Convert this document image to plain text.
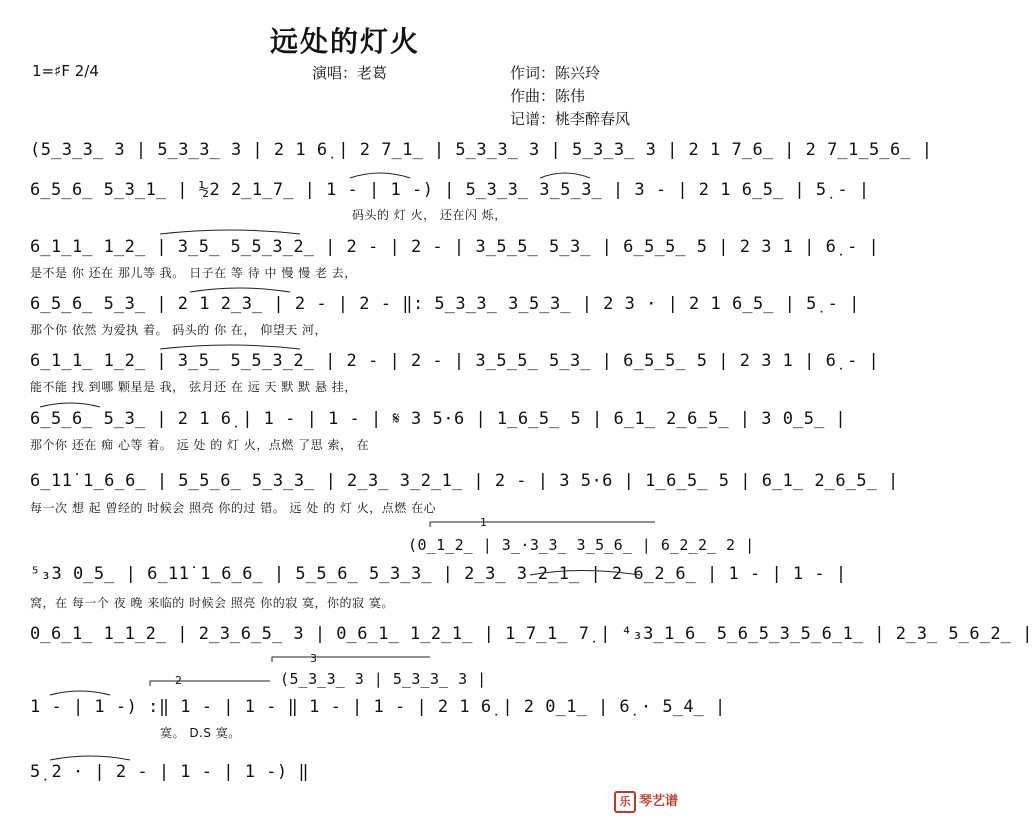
远处的灯火
1=♯F 2/4	演唱：老葛	作词：陈兴玲
作曲：陈伟
记谱：桃李醉春风
(5̲3̲3̲ 3 | 5̲3̲3̲ 3 | 2 1 6̣ | 2 7̲1̲ | 5̲3̲3̲ 3 | 5̲3̲3̲ 3 | 2 1 7̲6̲ | 2 7̲1̲5̲6̲ |
6̲5̲6̲ 5̲3̲1̲ | ½2 2̲1̲7̲ | 1 - | 1 -) | 5̲3̲3̲ 3̲5̲3̲ | 3 - | 2 1 6̲5̲ | 5̣ - |
码头的 灯 火， 还在闪 烁，
6̲1̲1̲ 1̲2̲ | 3̲5̲ 5̲5̲3̲2̲ | 2 - | 2 - | 3̲5̲5̲ 5̲3̲ | 6̲5̲5̲ 5 | 2 3 1 | 6̣ - |
是不是 你 还在 那儿等 我。 日子在 等 待 中 慢 慢 老 去，
6̲5̲6̲ 5̲3̲ | 2 1 2̲3̲ | 2 - | 2 - ‖: 5̲3̲3̲ 3̲5̲3̲ | 2 3 · | 2 1 6̲5̲ | 5̣ - |
那个你 依然 为爱执 着。 码头的 你 在， 仰望天 河，
6̲1̲1̲ 1̲2̲ | 3̲5̲ 5̲5̲3̲2̲ | 2 - | 2 - | 3̲5̲5̲ 5̲3̲ | 6̲5̲5̲ 5 | 2 3 1 | 6̣ - |
能不能 找 到哪 颗星是 我， 弦月还 在 远 天 默 默 悬 挂，
6̲5̲6̲ 5̲3̲ | 2 1 6̣ | 1 - | 1 - | 𝄋 3 5·6 | 1̲6̲5̲ 5 | 6̲1̲ 2̲6̲5̲ | 3 0̲5̲ |
那个你 还在 痴 心等 着。 远 处 的 灯 火，点燃 了思 索， 在
6̲1̇1̇ 1̲6̲6̲ | 5̲5̲6̲ 5̲3̲3̲ | 2̲3̲ 3̲2̲1̲ | 2 - | 3 5·6 | 1̲6̲5̲ 5 | 6̲1̲ 2̲6̲5̲ |
每一次 想 起 曾经的 时候会 照亮 你的过 错。 远 处 的 灯 火，点燃 在心
1
(0̲1̲2̲ | 3̲·3̲3̲ 3̲5̲6̲ | 6̲2̲2̲ 2 |
⁵₃3 0̲5̲ | 6̲1̇1̇ 1̲6̲6̲ | 5̲5̲6̲ 5̲3̲3̲ | 2̲3̲ 3̲2̲1̲ | 2 6̲2̲6̲ | 1 - | 1 - |
窝，在 每一个 夜 晚 来临的 时候会 照亮 你的寂 寞，你的寂 寞。
0̲6̲1̲ 1̲1̲2̲ | 2̲3̲6̲5̲ 3 | 0̲6̲1̲ 1̲2̲1̲ | 1̲7̲1̲ 7̣ | ⁴₃3̲1̲6̲ 5̲6̲5̲3̲5̲6̲1̲ | 2̲3̲ 5̲6̲2̲ |
3
2	(5̲3̲3̲ 3 | 5̲3̲3̲ 3 |
1 - | 1 -) :‖ 1 - | 1 - ‖ 1 - | 1 - | 2 1 6̣ | 2 0̲1̲ | 6̣ · 5̲4̲ |
寞。 D.S 寞。
5̣ 2 · | 2 - | 1 - | 1 -) ‖
乐 琴艺谱
